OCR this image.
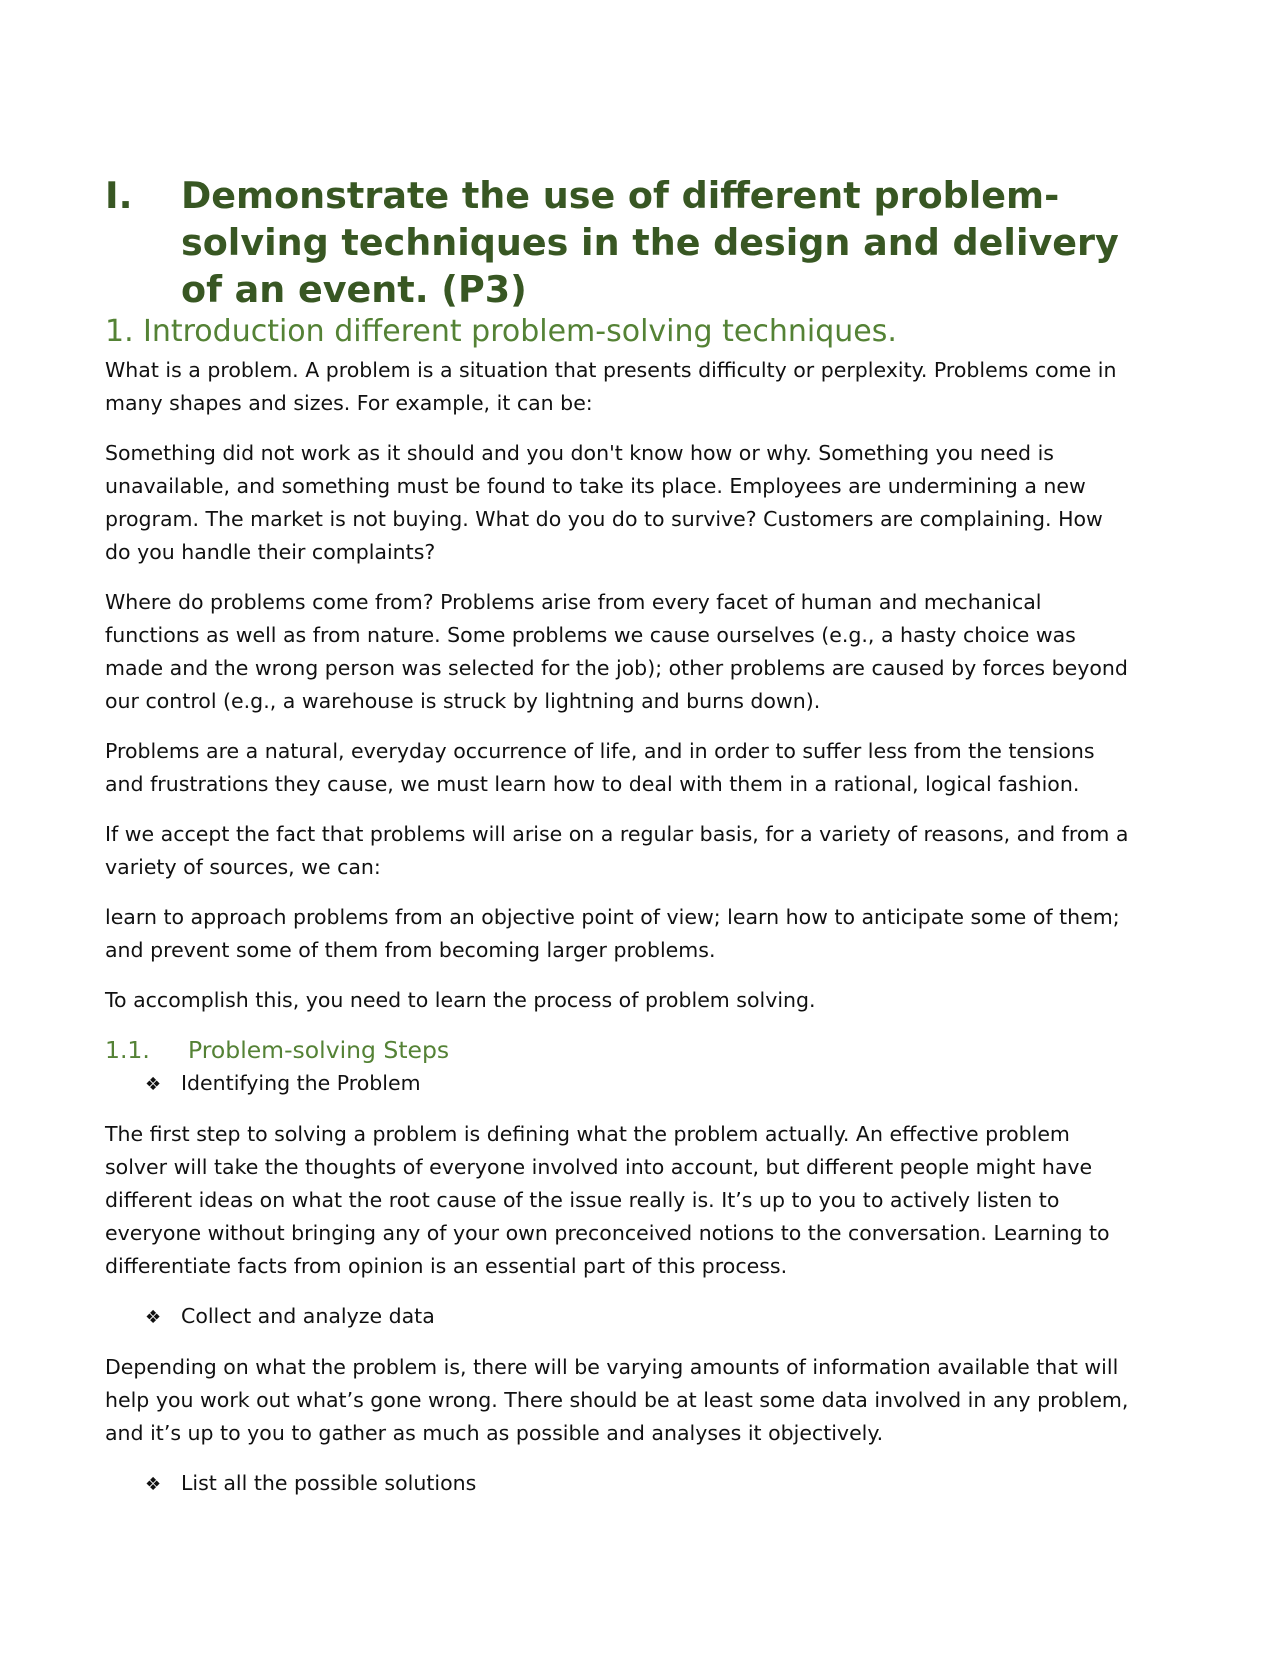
I. Demonstrate the use of different problem-solving techniques in the design and delivery of an event. (P3)
1. Introduction different problem-solving techniques.

What is a problem. A problem is a situation that presents difficulty or perplexity. Problems come in many shapes and sizes. For example, it can be:

Something did not work as it should and you don't know how or why. Something you need is unavailable, and something must be found to take its place. Employees are undermining a new program. The market is not buying. What do you do to survive? Customers are complaining. How do you handle their complaints?

Where do problems come from? Problems arise from every facet of human and mechanical functions as well as from nature. Some problems we cause ourselves (e.g., a hasty choice was made and the wrong person was selected for the job); other problems are caused by forces beyond our control (e.g., a warehouse is struck by lightning and burns down).

Problems are a natural, everyday occurrence of life, and in order to suffer less from the tensions and frustrations they cause, we must learn how to deal with them in a rational, logical fashion.

If we accept the fact that problems will arise on a regular basis, for a variety of reasons, and from a variety of sources, we can:

learn to approach problems from an objective point of view; learn how to anticipate some of them; and prevent some of them from becoming larger problems.

To accomplish this, you need to learn the process of problem solving.

1.1. Problem-solving Steps
❖ Identifying the Problem

The first step to solving a problem is defining what the problem actually. An effective problem solver will take the thoughts of everyone involved into account, but different people might have different ideas on what the root cause of the issue really is. It’s up to you to actively listen to everyone without bringing any of your own preconceived notions to the conversation. Learning to differentiate facts from opinion is an essential part of this process.

❖ Collect and analyze data

Depending on what the problem is, there will be varying amounts of information available that will help you work out what’s gone wrong. There should be at least some data involved in any problem, and it’s up to you to gather as much as possible and analyses it objectively.

❖ List all the possible solutions
